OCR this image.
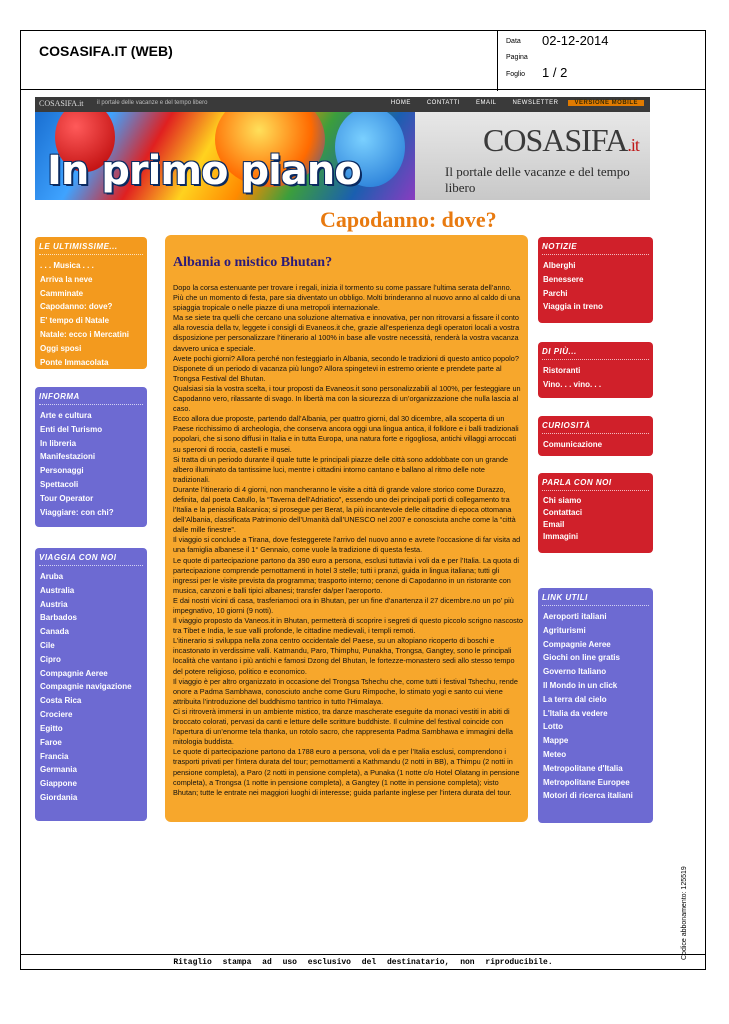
COSASIFA.IT (WEB)
Data 02-12-2014
Pagina
Foglio 1 / 2
COSASIFA.it il portale delle vacanze e del tempo libero	HOME	CONTATTI	EMAIL	NEWSLETTER	VERSIONE MOBILE
In primo piano
COSASIFA.it
Il portale delle vacanze e del tempo libero
Capodanno: dove?
LE ULTIMISSIME...
. . . Musica . . .
Arriva la neve
Camminate
Capodanno: dove?
E' tempo di Natale
Natale: ecco i Mercatini
Oggi sposi
Ponte Immacolata
INFORMA
Arte e cultura
Enti del Turismo
In libreria
Manifestazioni
Personaggi
Spettacoli
Tour Operator
Viaggiare: con chi?
VIAGGIA CON NOI
Aruba
Australia
Austria
Barbados
Canada
Cile
Cipro
Compagnie Aeree
Compagnie navigazione
Costa Rica
Crociere
Egitto
Faroe
Francia
Germania
Giappone
Giordania
Albania o mistico Bhutan?
Dopo la corsa estenuante per trovare i regali, inizia il tormento su come passare l’ultima serata dell’anno. Più che un momento di festa, pare sia diventato un obbligo. Molti brinderanno al nuovo anno al caldo di una spiaggia tropicale o nelle piazze di una metropoli internazionale.
Ma se siete tra quelli che cercano una soluzione alternativa e innovativa, per non ritrovarsi a fissare il conto alla rovescia della tv, leggete i consigli di Evaneos.it che, grazie all’esperienza degli operatori locali a vostra disposizione per personalizzare l’itinerario al 100% in base alle vostre necessità, renderà la vostra vacanza davvero unica e speciale.
Avete pochi giorni? Allora perché non festeggiarlo in Albania, secondo le tradizioni di questo antico popolo? Disponete di un periodo di vacanza più lungo? Allora spingetevi in estremo oriente e prendete parte al Trongsa Festival del Bhutan.
Qualsiasi sia la vostra scelta, i tour proposti da Evaneos.it sono personalizzabili al 100%, per festeggiare un Capodanno vero, rilassante di svago. In libertà ma con la sicurezza di un’organizzazione che nulla lascia al caso.
Ecco allora due proposte, partendo dall’Albania, per quattro giorni, dal 30 dicembre, alla scoperta di un Paese ricchissimo di archeologia, che conserva ancora oggi una lingua antica, il folklore e i balli tradizionali popolari, che si sono diffusi in Italia e in tutta Europa, una natura forte e rigogliosa, antichi villaggi arroccati su speroni di roccia, castelli e musei.
Si tratta di un periodo durante il quale tutte le principali piazze delle città sono addobbate con un grande albero illuminato da tantissime luci, mentre i cittadini intorno cantano e ballano al ritmo delle note tradizionali.
Durante l’itinerario di 4 giorni, non mancheranno le visite a città di grande valore storico come Durazzo, definita, dal poeta Catullo, la “Taverna dell’Adriatico”, essendo uno dei principali porti di collegamento tra l’Italia e la penisola Balcanica; si prosegue per Berat, la più incantevole delle cittadine di epoca ottomana dell’Albania, classificata Patrimonio dell’Umanità dall’UNESCO nel 2007 e conosciuta anche come la “città dalle mille finestre”.
Il viaggio si conclude a Tirana, dove festeggerete l’arrivo del nuovo anno e avrete l’occasione di far visita ad una famiglia albanese il 1° Gennaio, come vuole la tradizione di questa festa.
Le quote di partecipazione partono da 390 euro a persona, esclusi tuttavia i voli da e per l’Italia. La quota di partecipazione comprende pernottamenti in hotel 3 stelle; tutti i pranzi, guida in lingua italiana; tutti gli ingressi per le visite prevista da programma; trasporto interno; cenone di Capodanno in un ristorante con musica, canzoni e balli tipici albanesi; transfer da/per l’aeroporto.
E dai nostri vicini di casa, trasferiamoci ora in Bhutan, per un fine d’anartenza il 27 dicembre.no un po’ più impegnativo, 10 giorni (9 notti).
Il viaggio proposto da Vaneos.it in Bhutan, permetterà di scoprire i segreti di questo piccolo scrigno nascosto tra Tibet e India, le sue valli profonde, le cittadine medievali, i templi remoti.
L’itinerario si sviluppa nella zona centro occidentale del Paese, su un altopiano ricoperto di boschi e incastonato in verdissime valli. Katmandu, Paro, Thimphu, Punakha, Trongsa, Gangtey, sono le principali località che vantano i più antichi e famosi Dzong del Bhutan, le fortezze-monastero sedi allo stesso tempo del potere religioso, politico e economico.
Il viaggio è per altro organizzato in occasione del Trongsa Tshechu che, come tutti i festival Tshechu, rende onore a Padma Sambhawa, conosciuto anche come Guru Rimpoche, lo stimato yogi e santo cui viene attribuita l’introduzione del buddhismo tantrico in tutto l’Himalaya.
Ci si ritroverà immersi in un ambiente mistico, tra danze mascherate eseguite da monaci vestiti in abiti di broccato colorati, pervasi da canti e letture delle scritture buddhiste. Il culmine del festival coincide con l’apertura di un’enorme tela thanka, un rotolo sacro, che rappresenta Padma Sambhawa e immagini della mitologia buddista.
Le quote di partecipazione partono da 1788 euro a persona, voli da e per l’Italia esclusi, comprendono i trasporti privati per l’intera durata del tour; pernottamenti a Kathmandu (2 notti in BB), a Thimpu (2 notti in pensione completa), a Paro (2 notti in pensione completa), a Punaka (1 notte c/o Hotel Olatang in pensione completa), a Trongsa (1 notte in pensione completa), a Gangtey (1 notte in pensione completa); visto Bhutan; tutte le entrate nei maggiori luoghi di interesse; guida parlante inglese per l’intera durata del tour.
NOTIZIE
Alberghi
Benessere
Parchi
Viaggia in treno
DI PIÙ...
Ristoranti
Vino. . . vino. . .
CURIOSITÀ
Comunicazione
PARLA CON NOI
Chi siamo
Contattaci
Email
Immagini
LINK UTILI
Aeroporti italiani
Agriturismi
Compagnie Aeree
Giochi on line gratis
Governo Italiano
Il Mondo in un click
La terra dal cielo
L'Italia da vedere
Lotto
Mappe
Meteo
Metropolitane d'Italia
Metropolitane Europee
Motori di ricerca italiani
Ritaglio stampa ad uso esclusivo del destinatario, non riproducibile.
Codice abbonamento: 125519
